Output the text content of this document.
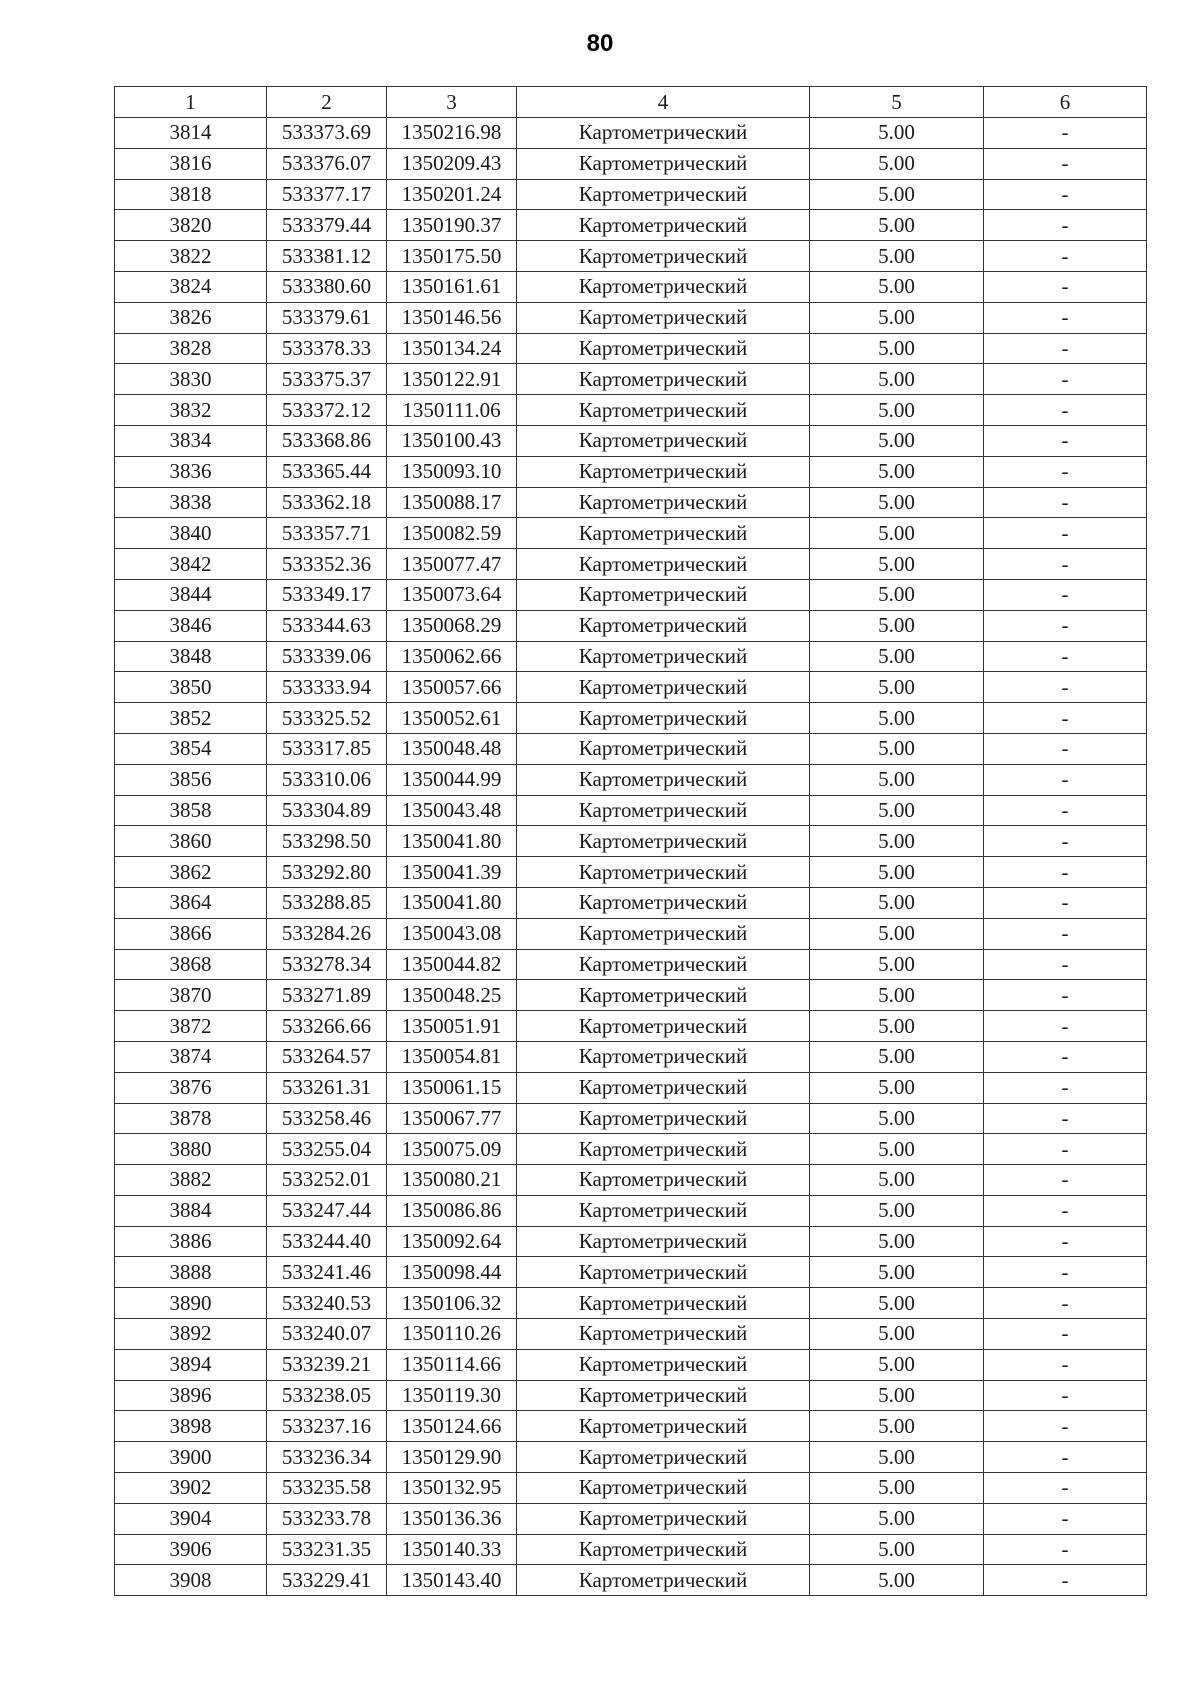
80
1	2	3	4	5	6
3814	533373.69	1350216.98	Картометрический	5.00	-
3816	533376.07	1350209.43	Картометрический	5.00	-
3818	533377.17	1350201.24	Картометрический	5.00	-
3820	533379.44	1350190.37	Картометрический	5.00	-
3822	533381.12	1350175.50	Картометрический	5.00	-
3824	533380.60	1350161.61	Картометрический	5.00	-
3826	533379.61	1350146.56	Картометрический	5.00	-
3828	533378.33	1350134.24	Картометрический	5.00	-
3830	533375.37	1350122.91	Картометрический	5.00	-
3832	533372.12	1350111.06	Картометрический	5.00	-
3834	533368.86	1350100.43	Картометрический	5.00	-
3836	533365.44	1350093.10	Картометрический	5.00	-
3838	533362.18	1350088.17	Картометрический	5.00	-
3840	533357.71	1350082.59	Картометрический	5.00	-
3842	533352.36	1350077.47	Картометрический	5.00	-
3844	533349.17	1350073.64	Картометрический	5.00	-
3846	533344.63	1350068.29	Картометрический	5.00	-
3848	533339.06	1350062.66	Картометрический	5.00	-
3850	533333.94	1350057.66	Картометрический	5.00	-
3852	533325.52	1350052.61	Картометрический	5.00	-
3854	533317.85	1350048.48	Картометрический	5.00	-
3856	533310.06	1350044.99	Картометрический	5.00	-
3858	533304.89	1350043.48	Картометрический	5.00	-
3860	533298.50	1350041.80	Картометрический	5.00	-
3862	533292.80	1350041.39	Картометрический	5.00	-
3864	533288.85	1350041.80	Картометрический	5.00	-
3866	533284.26	1350043.08	Картометрический	5.00	-
3868	533278.34	1350044.82	Картометрический	5.00	-
3870	533271.89	1350048.25	Картометрический	5.00	-
3872	533266.66	1350051.91	Картометрический	5.00	-
3874	533264.57	1350054.81	Картометрический	5.00	-
3876	533261.31	1350061.15	Картометрический	5.00	-
3878	533258.46	1350067.77	Картометрический	5.00	-
3880	533255.04	1350075.09	Картометрический	5.00	-
3882	533252.01	1350080.21	Картометрический	5.00	-
3884	533247.44	1350086.86	Картометрический	5.00	-
3886	533244.40	1350092.64	Картометрический	5.00	-
3888	533241.46	1350098.44	Картометрический	5.00	-
3890	533240.53	1350106.32	Картометрический	5.00	-
3892	533240.07	1350110.26	Картометрический	5.00	-
3894	533239.21	1350114.66	Картометрический	5.00	-
3896	533238.05	1350119.30	Картометрический	5.00	-
3898	533237.16	1350124.66	Картометрический	5.00	-
3900	533236.34	1350129.90	Картометрический	5.00	-
3902	533235.58	1350132.95	Картометрический	5.00	-
3904	533233.78	1350136.36	Картометрический	5.00	-
3906	533231.35	1350140.33	Картометрический	5.00	-
3908	533229.41	1350143.40	Картометрический	5.00	-
